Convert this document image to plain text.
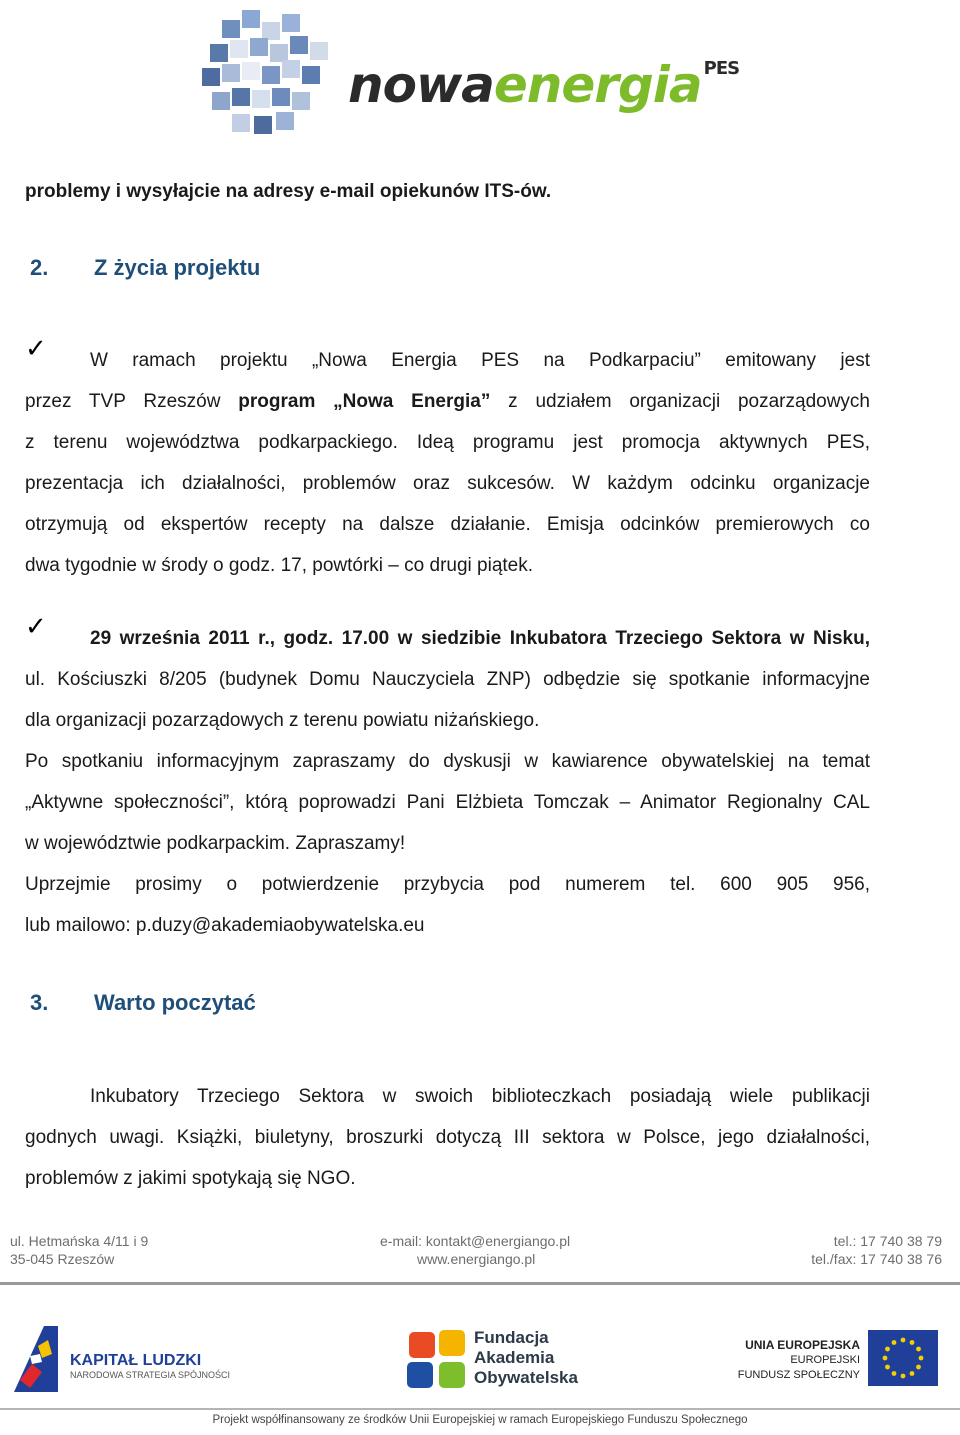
nowaenergia $^{PES}$
problemy i wysyłajcie na adresy e-mail opiekunów ITS-ów.
2. Z życia projektu
✓ W ramach projektu „Nowa Energia PES na Podkarpaciu” emitowany jest
przez TVP Rzeszów program „Nowa Energia” z udziałem organizacji pozarządowych
z terenu województwa podkarpackiego. Ideą programu jest promocja aktywnych PES,
prezentacja ich działalności, problemów oraz sukcesów. W każdym odcinku organizacje
otrzymują od ekspertów recepty na dalsze działanie. Emisja odcinków premierowych co
dwa tygodnie w środy o godz. 17, powtórki – co drugi piątek.
✓ 29 września 2011 r., godz. 17.00 w siedzibie Inkubatora Trzeciego Sektora w Nisku,
ul. Kościuszki 8/205 (budynek Domu Nauczyciela ZNP) odbędzie się spotkanie informacyjne
dla organizacji pozarządowych z terenu powiatu niżańskiego.
Po spotkaniu informacyjnym zapraszamy do dyskusji w kawiarence obywatelskiej na temat
„Aktywne społeczności”, którą poprowadzi Pani Elżbieta Tomczak – Animator Regionalny CAL
w województwie podkarpackim. Zapraszamy!
Uprzejmie prosimy o potwierdzenie przybycia pod numerem tel. 600 905 956,
lub mailowo: p.duzy@akademiaobywatelska.eu
3. Warto poczytać
Inkubatory Trzeciego Sektora w swoich biblioteczkach posiadają wiele publikacji
godnych uwagi. Książki, biuletyny, broszurki dotyczą III sektora w Polsce, jego działalności,
problemów z jakimi spotykają się NGO.
ul. Hetmańska 4/11 i 9
35-045 Rzeszów
e-mail: kontakt@energiango.pl
www.energiango.pl
tel.: 17 740 38 79
tel./fax: 17 740 38 76
KAPITAŁ LUDZKI
NARODOWA STRATEGIA SPÓJNOŚCI
Fundacja
Akademia
Obywatelska
UNIA EUROPEJSKA
EUROPEJSKI
FUNDUSZ SPOŁECZNY
Projekt współfinansowany ze środków Unii Europejskiej w ramach Europejskiego Funduszu Społecznego
